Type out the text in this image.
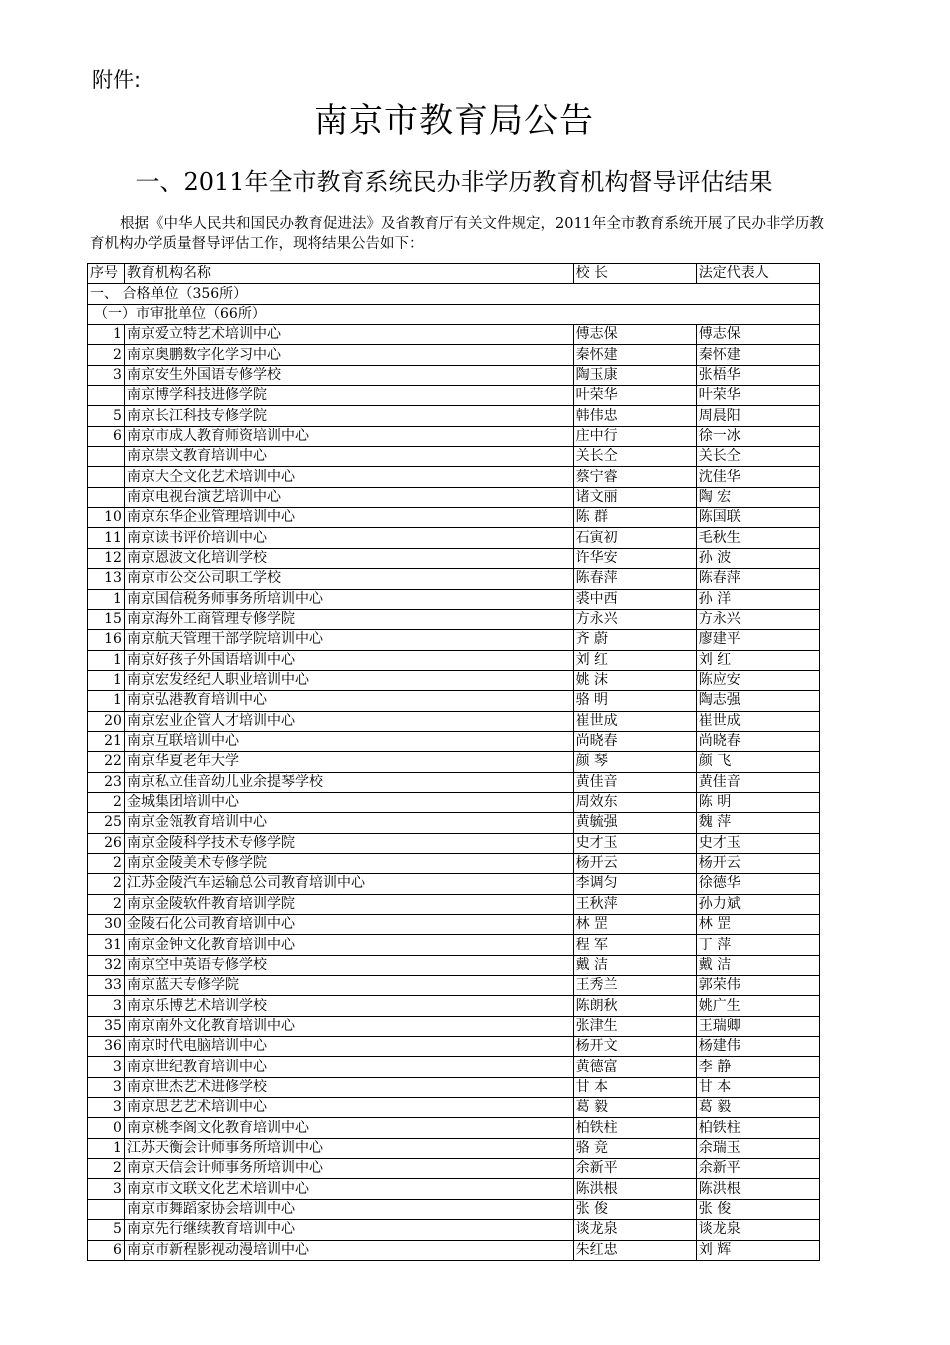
附件:
南京市教育局公告
一、2011年全市教育系统民办非学历教育机构督导评估结果
根据《中华人民共和国民办教育促进法》及省教育厅有关文件规定，2011年全市教育系统开展了民办非学历教育机构办学质量督导评估工作，现将结果公告如下：
序号	教育机构名称	校 长	法定代表人
一、 合格单位（356所）			
（一）市审批单位（66所）			
1	南京爱立特艺术培训中心	傅志保	傅志保
2	南京奥鹏数字化学习中心	秦怀建	秦怀建
3	南京安生外国语专修学校	陶玉康	张梧华
	南京博学科技进修学院	叶荣华	叶荣华
5	南京长江科技专修学院	韩伟忠	周晨阳
6	南京市成人教育师资培训中心	庄中行	徐一冰
	南京崇文教育培训中心	关长仝	关长仝
	南京大仝文化艺术培训中心	蔡宁睿	沈佳华
	南京电视台演艺培训中心	诸文丽	陶 宏
10	南京东华企业管理培训中心	陈 群	陈国联
11	南京读书评价培训中心	石寅初	毛秋生
12	南京恩波文化培训学校	许华安	孙 波
13	南京市公交公司职工学校	陈春萍	陈春萍
1	南京国信税务师事务所培训中心	裘中西	孙 洋
15	南京海外工商管理专修学院	方永兴	方永兴
16	南京航天管理干部学院培训中心	齐 蔚	廖建平
1	南京好孩子外国语培训中心	刘 红	刘 红
1	南京宏发经纪人职业培训中心	姚 沫	陈应安
1	南京弘港教育培训中心	骆 明	陶志强
20	南京宏业企管人才培训中心	崔世成	崔世成
21	南京互联培训中心	尚晓春	尚晓春
22	南京华夏老年大学	颜 琴	颜 飞
23	南京私立佳音幼儿业余提琴学校	黄佳音	黄佳音
2	金城集团培训中心	周效东	陈 明
25	南京金瓴教育培训中心	黄毓强	魏 萍
26	南京金陵科学技术专修学院	史才玉	史才玉
2	南京金陵美术专修学院	杨开云	杨开云
2	江苏金陵汽车运输总公司教育培训中心	李调匀	徐德华
2	南京金陵软件教育培训学院	王秋萍	孙力斌
30	金陵石化公司教育培训中心	林 罡	林 罡
31	南京金钟文化教育培训中心	程 军	丁 萍
32	南京空中英语专修学校	戴 洁	戴 洁
33	南京蓝天专修学院	王秀兰	郭荣伟
3	南京乐博艺术培训学校	陈朗秋	姚广生
35	南京南外文化教育培训中心	张津生	王瑞卿
36	南京时代电脑培训中心	杨开文	杨建伟
3	南京世纪教育培训中心	黄德富	李 静
3	南京世杰艺术进修学校	甘 本	甘 本
3	南京思艺艺术培训中心	葛 毅	葛 毅
0	南京桃李阁文化教育培训中心	柏铁柱	柏铁柱
1	江苏天衡会计师事务所培训中心	骆 竞	余瑞玉
2	南京天信会计师事务所培训中心	余新平	余新平
3	南京市文联文化艺术培训中心	陈洪根	陈洪根
	南京市舞蹈家协会培训中心	张 俊	张 俊
5	南京先行继续教育培训中心	谈龙泉	谈龙泉
6	南京市新程影视动漫培训中心	朱红忠	刘 辉
